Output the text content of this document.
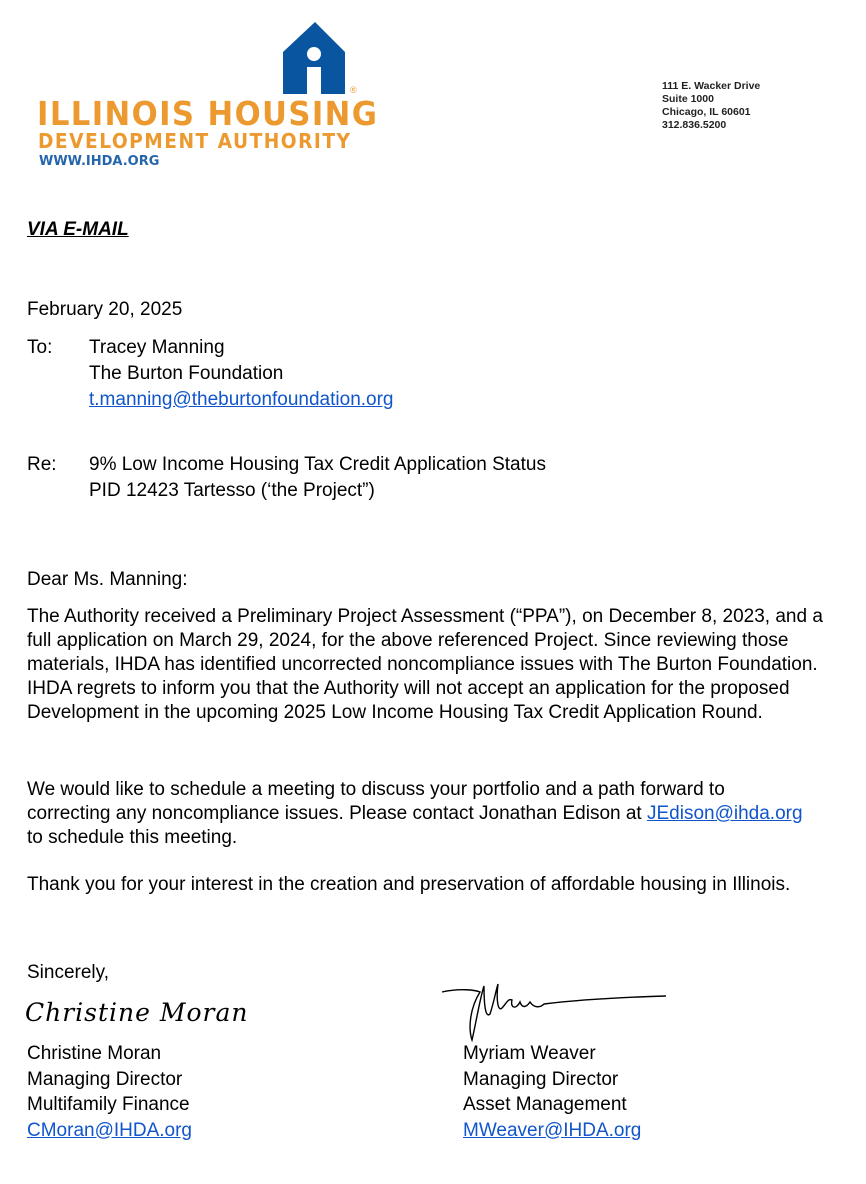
®
ILLINOIS HOUSING
DEVELOPMENT AUTHORITY
WWW.IHDA.ORG
111 E. Wacker Drive
Suite 1000
Chicago, IL 60601
312.836.5200
VIA E-MAIL
February 20, 2025
To: Tracey Manning
The Burton Foundation
t.manning@theburtonfoundation.org
Re: 9% Low Income Housing Tax Credit Application Status
PID 12423 Tartesso (‘the Project”)
Dear Ms. Manning:
The Authority received a Preliminary Project Assessment (“PPA”), on December 8, 2023, and a full application on March 29, 2024, for the above referenced Project. Since reviewing those materials, IHDA has identified uncorrected noncompliance issues with The Burton Foundation. IHDA regrets to inform you that the Authority will not accept an application for the proposed Development in the upcoming 2025 Low Income Housing Tax Credit Application Round.
We would like to schedule a meeting to discuss your portfolio and a path forward to correcting any noncompliance issues. Please contact Jonathan Edison at JEdison@ihda.org to schedule this meeting.
Thank you for your interest in the creation and preservation of affordable housing in Illinois.
Sincerely,
Christine Moran
Christine Moran
Managing Director
Multifamily Finance
CMoran@IHDA.org
Myriam Weaver
Managing Director
Asset Management
MWeaver@IHDA.org
